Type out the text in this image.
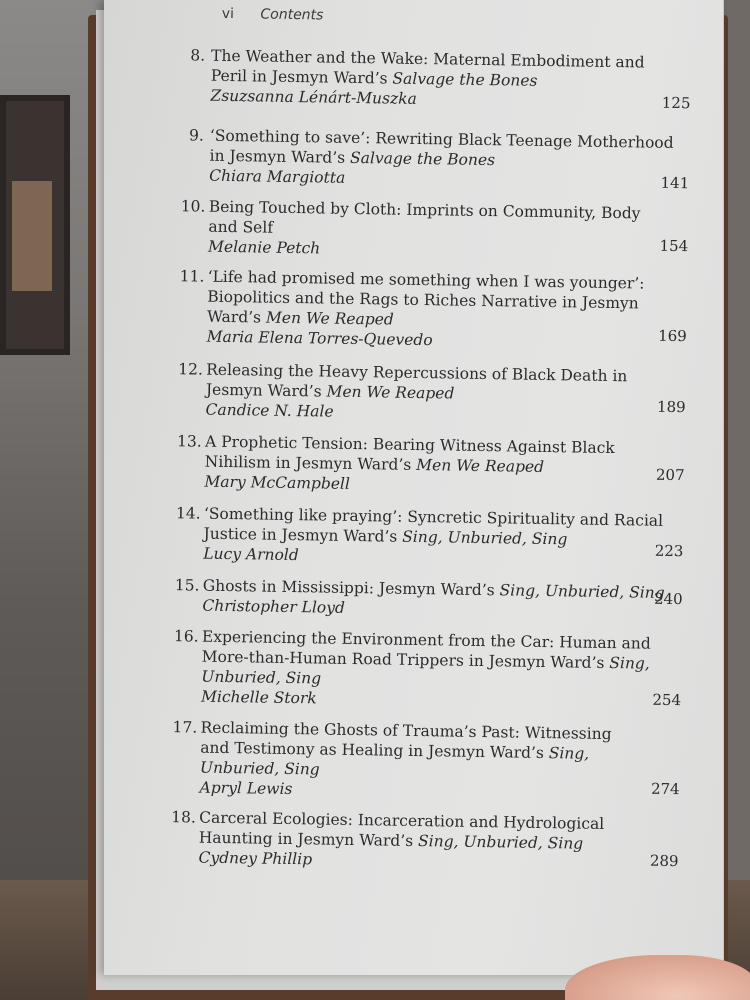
vi Contents
8. The Weather and the Wake: Maternal Embodiment and
Peril in Jesmyn Ward’s Salvage the Bones
Zsuzsanna Lénárt-Muszka	125
9. ‘Something to save’: Rewriting Black Teenage Motherhood
in Jesmyn Ward’s Salvage the Bones
Chiara Margiotta	141
10. Being Touched by Cloth: Imprints on Community, Body
and Self
Melanie Petch	154
11. ‘Life had promised me something when I was younger’:
Biopolitics and the Rags to Riches Narrative in Jesmyn
Ward’s Men We Reaped
Maria Elena Torres-Quevedo	169
12. Releasing the Heavy Repercussions of Black Death in
Jesmyn Ward’s Men We Reaped
Candice N. Hale	189
13. A Prophetic Tension: Bearing Witness Against Black
Nihilism in Jesmyn Ward’s Men We Reaped
Mary McCampbell	207
14. ‘Something like praying’: Syncretic Spirituality and Racial
Justice in Jesmyn Ward’s Sing, Unburied, Sing
Lucy Arnold	223
15. Ghosts in Mississippi: Jesmyn Ward’s Sing, Unburied, Sing
Christopher Lloyd	240
16. Experiencing the Environment from the Car: Human and
More-than-Human Road Trippers in Jesmyn Ward’s Sing,
Unburied, Sing
Michelle Stork	254
17. Reclaiming the Ghosts of Trauma’s Past: Witnessing
and Testimony as Healing in Jesmyn Ward’s Sing,
Unburied, Sing
Apryl Lewis	274
18. Carceral Ecologies: Incarceration and Hydrological
Haunting in Jesmyn Ward’s Sing, Unburied, Sing
Cydney Phillip	289
